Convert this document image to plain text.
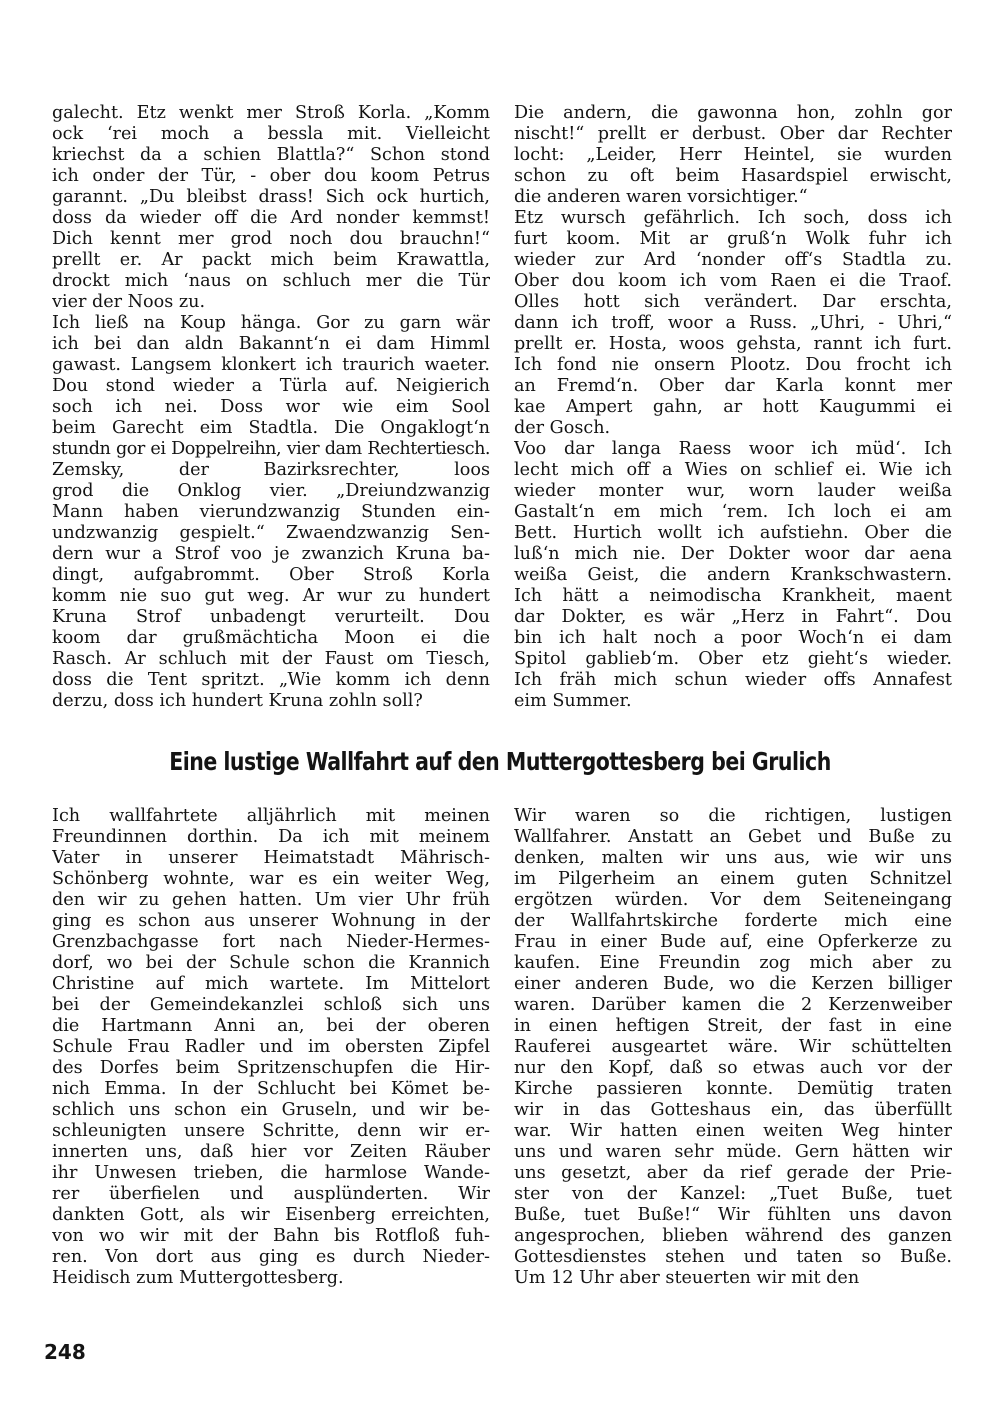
galecht. Etz wenkt mer Stroß Korla. „Komm
ock ‘rei moch a bessla mit. Vielleicht
kriechst da a schien Blattla?“ Schon stond
ich onder der Tür, - ober dou koom Petrus
garannt. „Du bleibst drass! Sich ock hurtich,
doss da wieder off die Ard nonder kemmst!
Dich kennt mer grod noch dou brauchn!“
prellt er. Ar packt mich beim Krawattla,
drockt mich ‘naus on schluch mer die Tür
vier der Noos zu.

Ich ließ na Koup hänga. Gor zu garn wär
ich bei dan aldn Bakannt‘n ei dam Himml
gawast. Langsem klonkert ich traurich waeter.
Dou stond wieder a Türla auf. Neigierich
soch ich nei. Doss wor wie eim Sool
beim Garecht eim Stadtla. Die Ongaklogt‘n
stundn gor ei Doppelreihn, vier dam Rechtertiesch.
Zemsky, der Bazirksrechter, loos
grod die Onklog vier. „Dreiundzwanzig
Mann haben vierundzwanzig Stunden ein-
undzwanzig gespielt.“ Zwaendzwanzig Sen-
dern wur a Strof voo je zwanzich Kruna ba-
dingt, aufgabrommt. Ober Stroß Korla
komm nie suo gut weg. Ar wur zu hundert
Kruna Strof unbadengt verurteilt. Dou
koom dar grußmächticha Moon ei die
Rasch. Ar schluch mit der Faust om Tiesch,
doss die Tent spritzt. „Wie komm ich denn
derzu, doss ich hundert Kruna zohln soll?

Die andern, die gawonna hon, zohln gor
nischt!“ prellt er derbust. Ober dar Rechter
locht: „Leider, Herr Heintel, sie wurden
schon zu oft beim Hasardspiel erwischt,
die anderen waren vorsichtiger.“

Etz wursch gefährlich. Ich soch, doss ich
furt koom. Mit ar gruß‘n Wolk fuhr ich
wieder zur Ard ‘nonder off‘s Stadtla zu.
Ober dou koom ich vom Raen ei die Traof.
Olles hott sich verändert. Dar erschta,
dann ich troff, woor a Russ. „Uhri, - Uhri,“
prellt er. Hosta, woos gehsta, rannt ich furt.
Ich fond nie onsern Plootz. Dou frocht ich
an Fremd‘n. Ober dar Karla konnt mer
kae Ampert gahn, ar hott Kaugummi ei
der Gosch.

Voo dar langa Raess woor ich müd‘. Ich
lecht mich off a Wies on schlief ei. Wie ich
wieder monter wur, worn lauder weißa
Gastalt‘n em mich ‘rem. Ich loch ei am
Bett. Hurtich wollt ich aufstiehn. Ober die
luß‘n mich nie. Der Dokter woor dar aena
weißa Geist, die andern Krankschwastern.
Ich hätt a neimodischa Krankheit, maent
dar Dokter, es wär „Herz in Fahrt“. Dou
bin ich halt noch a poor Woch‘n ei dam
Spitol gablieb‘m. Ober etz gieht‘s wieder.
Ich fräh mich schun wieder offs Annafest
eim Summer.

Eine lustige Wallfahrt auf den Muttergottesberg bei Grulich

Ich wallfahrtete alljährlich mit meinen
Freundinnen dorthin. Da ich mit meinem
Vater in unserer Heimatstadt Mährisch-
Schönberg wohnte, war es ein weiter Weg,
den wir zu gehen hatten. Um vier Uhr früh
ging es schon aus unserer Wohnung in der
Grenzbachgasse fort nach Nieder-Hermes-
dorf, wo bei der Schule schon die Krannich
Christine auf mich wartete. Im Mittelort
bei der Gemeindekanzlei schloß sich uns
die Hartmann Anni an, bei der oberen
Schule Frau Radler und im obersten Zipfel
des Dorfes beim Spritzenschupfen die Hir-
nich Emma. In der Schlucht bei Kömet be-
schlich uns schon ein Gruseln, und wir be-
schleunigten unsere Schritte, denn wir er-
innerten uns, daß hier vor Zeiten Räuber
ihr Unwesen trieben, die harmlose Wande-
rer überfielen und ausplünderten. Wir
dankten Gott, als wir Eisenberg erreichten,
von wo wir mit der Bahn bis Rotfloß fuh-
ren. Von dort aus ging es durch Nieder-
Heidisch zum Muttergottesberg.

Wir waren so die richtigen, lustigen
Wallfahrer. Anstatt an Gebet und Buße zu
denken, malten wir uns aus, wie wir uns
im Pilgerheim an einem guten Schnitzel
ergötzen würden. Vor dem Seiteneingang
der Wallfahrtskirche forderte mich eine
Frau in einer Bude auf, eine Opferkerze zu
kaufen. Eine Freundin zog mich aber zu
einer anderen Bude, wo die Kerzen billiger
waren. Darüber kamen die 2 Kerzenweiber
in einen heftigen Streit, der fast in eine
Rauferei ausgeartet wäre. Wir schüttelten
nur den Kopf, daß so etwas auch vor der
Kirche passieren konnte. Demütig traten
wir in das Gotteshaus ein, das überfüllt
war. Wir hatten einen weiten Weg hinter
uns und waren sehr müde. Gern hätten wir
uns gesetzt, aber da rief gerade der Prie-
ster von der Kanzel: „Tuet Buße, tuet
Buße, tuet Buße!“ Wir fühlten uns davon
angesprochen, blieben während des ganzen
Gottesdienstes stehen und taten so Buße.
Um 12 Uhr aber steuerten wir mit den

248
